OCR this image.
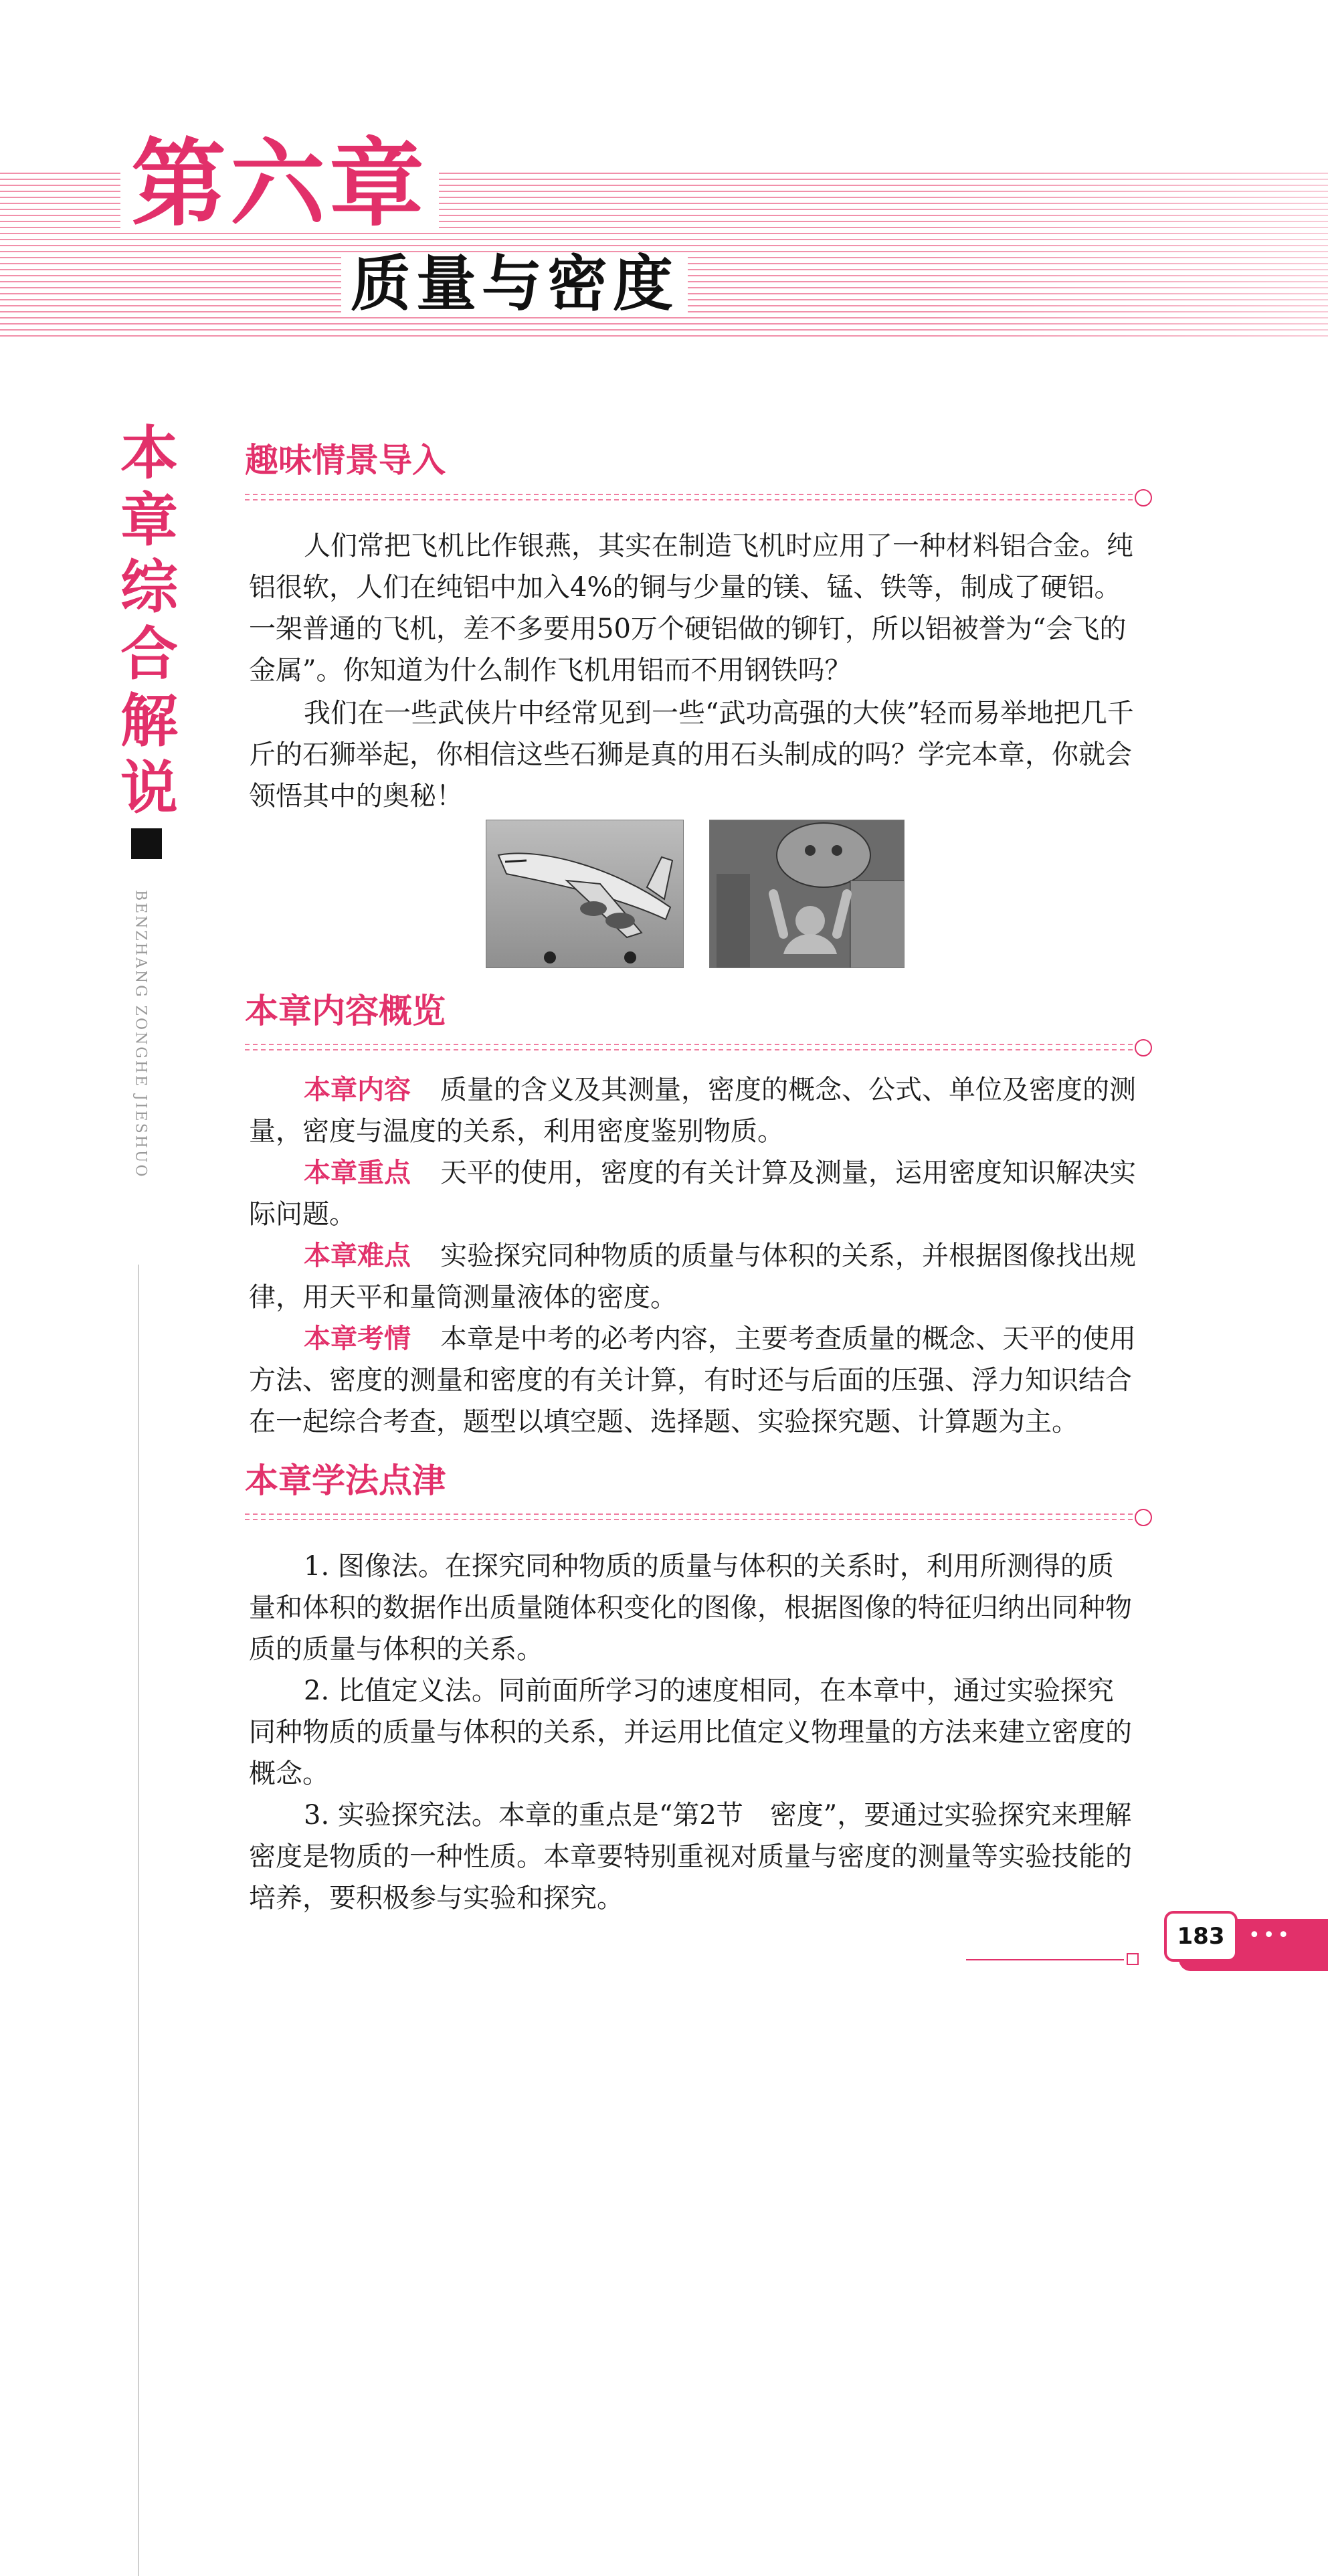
第六章
质量与密度
本
章
综
合
解
说
BENZHANG ZONGHE JIESHUO
趣味情景导入

人们常把飞机比作银燕，其实在制造飞机时应用了一种材料铝合金。纯铝很软，人们在纯铝中加入4%的铜与少量的镁、锰、铁等，制成了硬铝。一架普通的飞机，差不多要用50万个硬铝做的铆钉，所以铝被誉为“会飞的金属”。你知道为什么制作飞机用铝而不用钢铁吗？

我们在一些武侠片中经常见到一些“武功高强的大侠”轻而易举地把几千斤的石狮举起，你相信这些石狮是真的用石头制成的吗？学完本章，你就会领悟其中的奥秘！

本章内容概览

本章内容 质量的含义及其测量，密度的概念、公式、单位及密度的测量，密度与温度的关系，利用密度鉴别物质。

本章重点 天平的使用，密度的有关计算及测量，运用密度知识解决实际问题。

本章难点 实验探究同种物质的质量与体积的关系，并根据图像找出规律，用天平和量筒测量液体的密度。

本章考情 本章是中考的必考内容，主要考查质量的概念、天平的使用方法、密度的测量和密度的有关计算，有时还与后面的压强、浮力知识结合在一起综合考查，题型以填空题、选择题、实验探究题、计算题为主。

本章学法点津

1. 图像法。在探究同种物质的质量与体积的关系时，利用所测得的质量和体积的数据作出质量随体积变化的图像，根据图像的特征归纳出同种物质的质量与体积的关系。

2. 比值定义法。同前面所学习的速度相同，在本章中，通过实验探究同种物质的质量与体积的关系，并运用比值定义物理量的方法来建立密度的概念。

3. 实验探究法。本章的重点是“第2节　密度”，要通过实验探究来理解密度是物质的一种性质。本章要特别重视对质量与密度的测量等实验技能的培养，要积极参与实验和探究。

•••
183
